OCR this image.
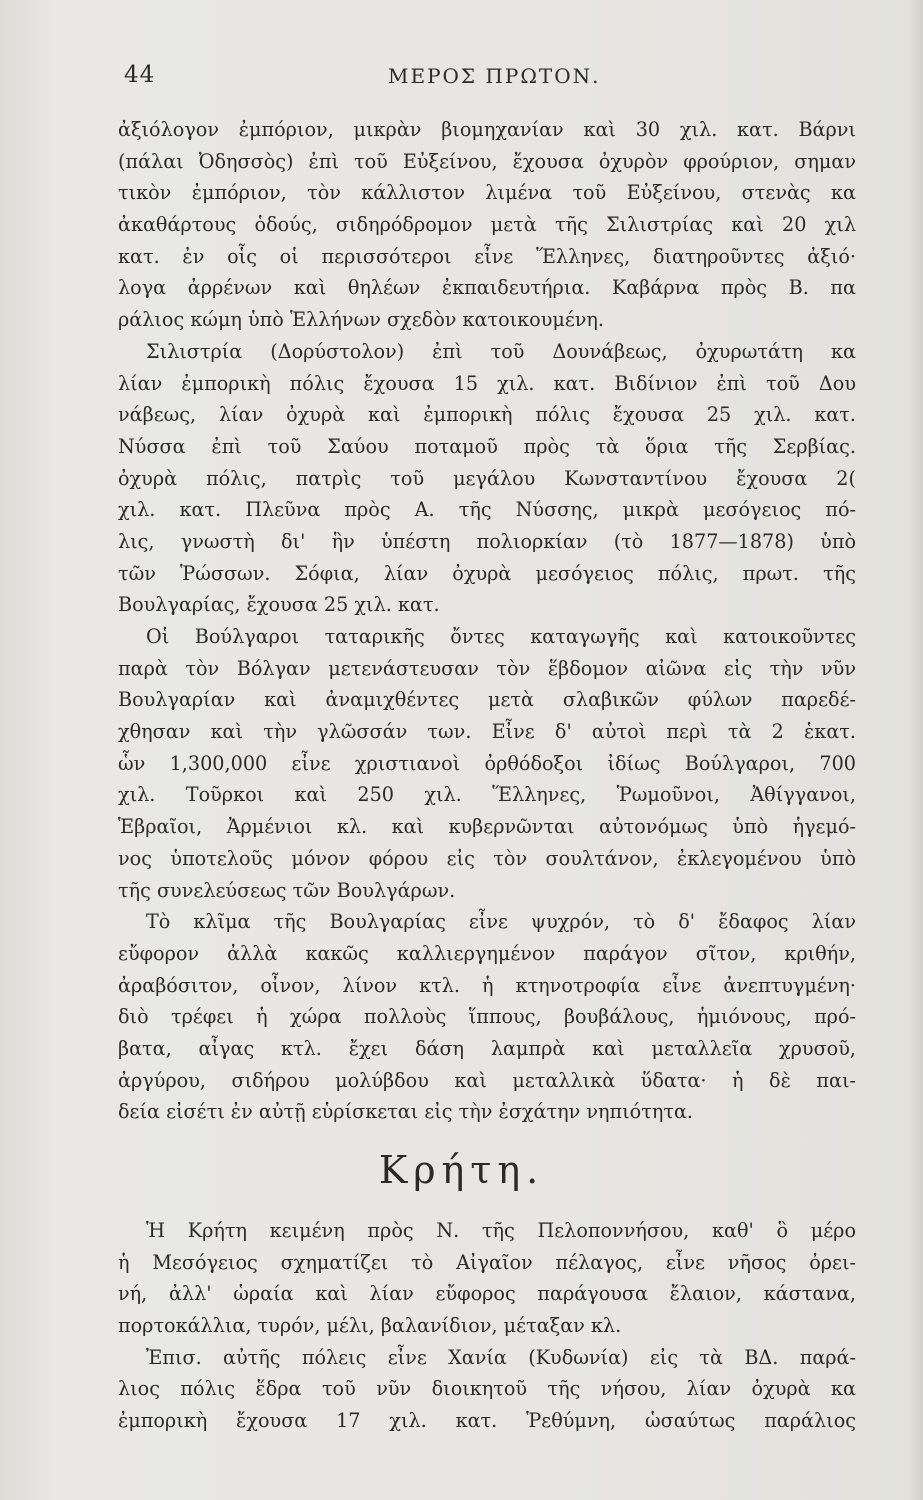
44	ΜΕΡΟΣ ΠΡΩΤΟΝ.
ἀξιόλογον ἐμπόριον, μικρὰν βιομηχανίαν καὶ 30 χιλ. κατ. Βάρνι
(πάλαι Ὀδησσὸς) ἐπὶ τοῦ Εὐξείνου, ἔχουσα ὀχυρὸν φρούριον, σημαν
τικὸν ἐμπόριον, τὸν κάλλιστον λιμένα τοῦ Εὐξείνου, στενὰς κα
ἀκαθάρτους ὁδούς, σιδηρόδρομον μετὰ τῆς Σιλιστρίας καὶ 20 χιλ
κατ. ἐν οἷς οἱ περισσότεροι εἶνε Ἕλληνες, διατηροῦντες ἀξιό·
λογα ἀρρένων καὶ θηλέων ἐκπαιδευτήρια. Καβάρνα πρὸς Β. πα
ράλιος κώμη ὑπὸ Ἑλλήνων σχεδὸν κατοικουμένη.
Σιλιστρία (Δορύστολον) ἐπὶ τοῦ Δουνάβεως, ὀχυρωτάτη κα
λίαν ἐμπορικὴ πόλις ἔχουσα 15 χιλ. κατ. Βιδίνιον ἐπὶ τοῦ Δου
νάβεως, λίαν ὀχυρὰ καὶ ἐμπορικὴ πόλις ἔχουσα 25 χιλ. κατ.
Νύσσα ἐπὶ τοῦ Σαύου ποταμοῦ πρὸς τὰ ὅρια τῆς Σερβίας.
ὀχυρὰ πόλις, πατρὶς τοῦ μεγάλου Κωνσταντίνου ἔχουσα 2(
χιλ. κατ. Πλεῦνα πρὸς Α. τῆς Νύσσης, μικρὰ μεσόγειος πό-
λις, γνωστὴ δι' ἣν ὑπέστη πολιορκίαν (τὸ 1877—1878) ὑπὸ
τῶν Ῥώσσων. Σόφια, λίαν ὀχυρὰ μεσόγειος πόλις, πρωτ. τῆς
Βουλγαρίας, ἔχουσα 25 χιλ. κατ.
Οἱ Βούλγαροι ταταρικῆς ὄντες καταγωγῆς καὶ κατοικοῦντες
παρὰ τὸν Βόλγαν μετενάστευσαν τὸν ἕβδομον αἰῶνα εἰς τὴν νῦν
Βουλγαρίαν καὶ ἀναμιχθέντες μετὰ σλαβικῶν φύλων παρεδέ-
χθησαν καὶ τὴν γλῶσσάν των. Εἶνε δ' αὐτοὶ περὶ τὰ 2 ἑκατ.
ὧν 1,300,000 εἶνε χριστιανοὶ ὀρθόδοξοι ἰδίως Βούλγαροι, 700
χιλ. Τοῦρκοι καὶ 250 χιλ. Ἕλληνες, Ῥωμοῦνοι, Ἀθίγγανοι,
Ἑβραῖοι, Ἀρμένιοι κλ. καὶ κυβερνῶνται αὐτονόμως ὑπὸ ἡγεμό-
νος ὑποτελοῦς μόνον φόρου εἰς τὸν σουλτάνον, ἐκλεγομένου ὑπὸ
τῆς συνελεύσεως τῶν Βουλγάρων.
Τὸ κλῖμα τῆς Βουλγαρίας εἶνε ψυχρόν, τὸ δ' ἔδαφος λίαν
εὔφορον ἀλλὰ κακῶς καλλιεργημένον παράγον σῖτον, κριθήν,
ἀραβόσιτον, οἶνον, λίνον κτλ. ἡ κτηνοτροφία εἶνε ἀνεπτυγμένη·
διὸ τρέφει ἡ χώρα πολλοὺς ἵππους, βουβάλους, ἡμιόνους, πρό-
βατα, αἶγας κτλ. ἔχει δάση λαμπρὰ καὶ μεταλλεῖα χρυσοῦ,
ἀργύρου, σιδήρου μολύβδου καὶ μεταλλικὰ ὕδατα· ἡ δὲ παι-
δεία εἰσέτι ἐν αὐτῇ εὑρίσκεται εἰς τὴν ἐσχάτην νηπιότητα.
Κρήτη.
Ἡ Κρήτη κειμένη πρὸς Ν. τῆς Πελοποννήσου, καθ' ὃ μέρο
ἡ Μεσόγειος σχηματίζει τὸ Αἰγαῖον πέλαγος, εἶνε νῆσος ὀρει-
νή, ἀλλ' ὡραία καὶ λίαν εὔφορος παράγουσα ἔλαιον, κάστανα,
πορτοκάλλια, τυρόν, μέλι, βαλανίδιον, μέταξαν κλ.
Ἐπισ. αὐτῆς πόλεις εἶνε Χανία (Κυδωνία) εἰς τὰ ΒΔ. παρά-
λιος πόλις ἕδρα τοῦ νῦν διοικητοῦ τῆς νήσου, λίαν ὀχυρὰ κα
ἐμπορικὴ ἔχουσα 17 χιλ. κατ. Ῥεθύμνη, ὡσαύτως παράλιος
